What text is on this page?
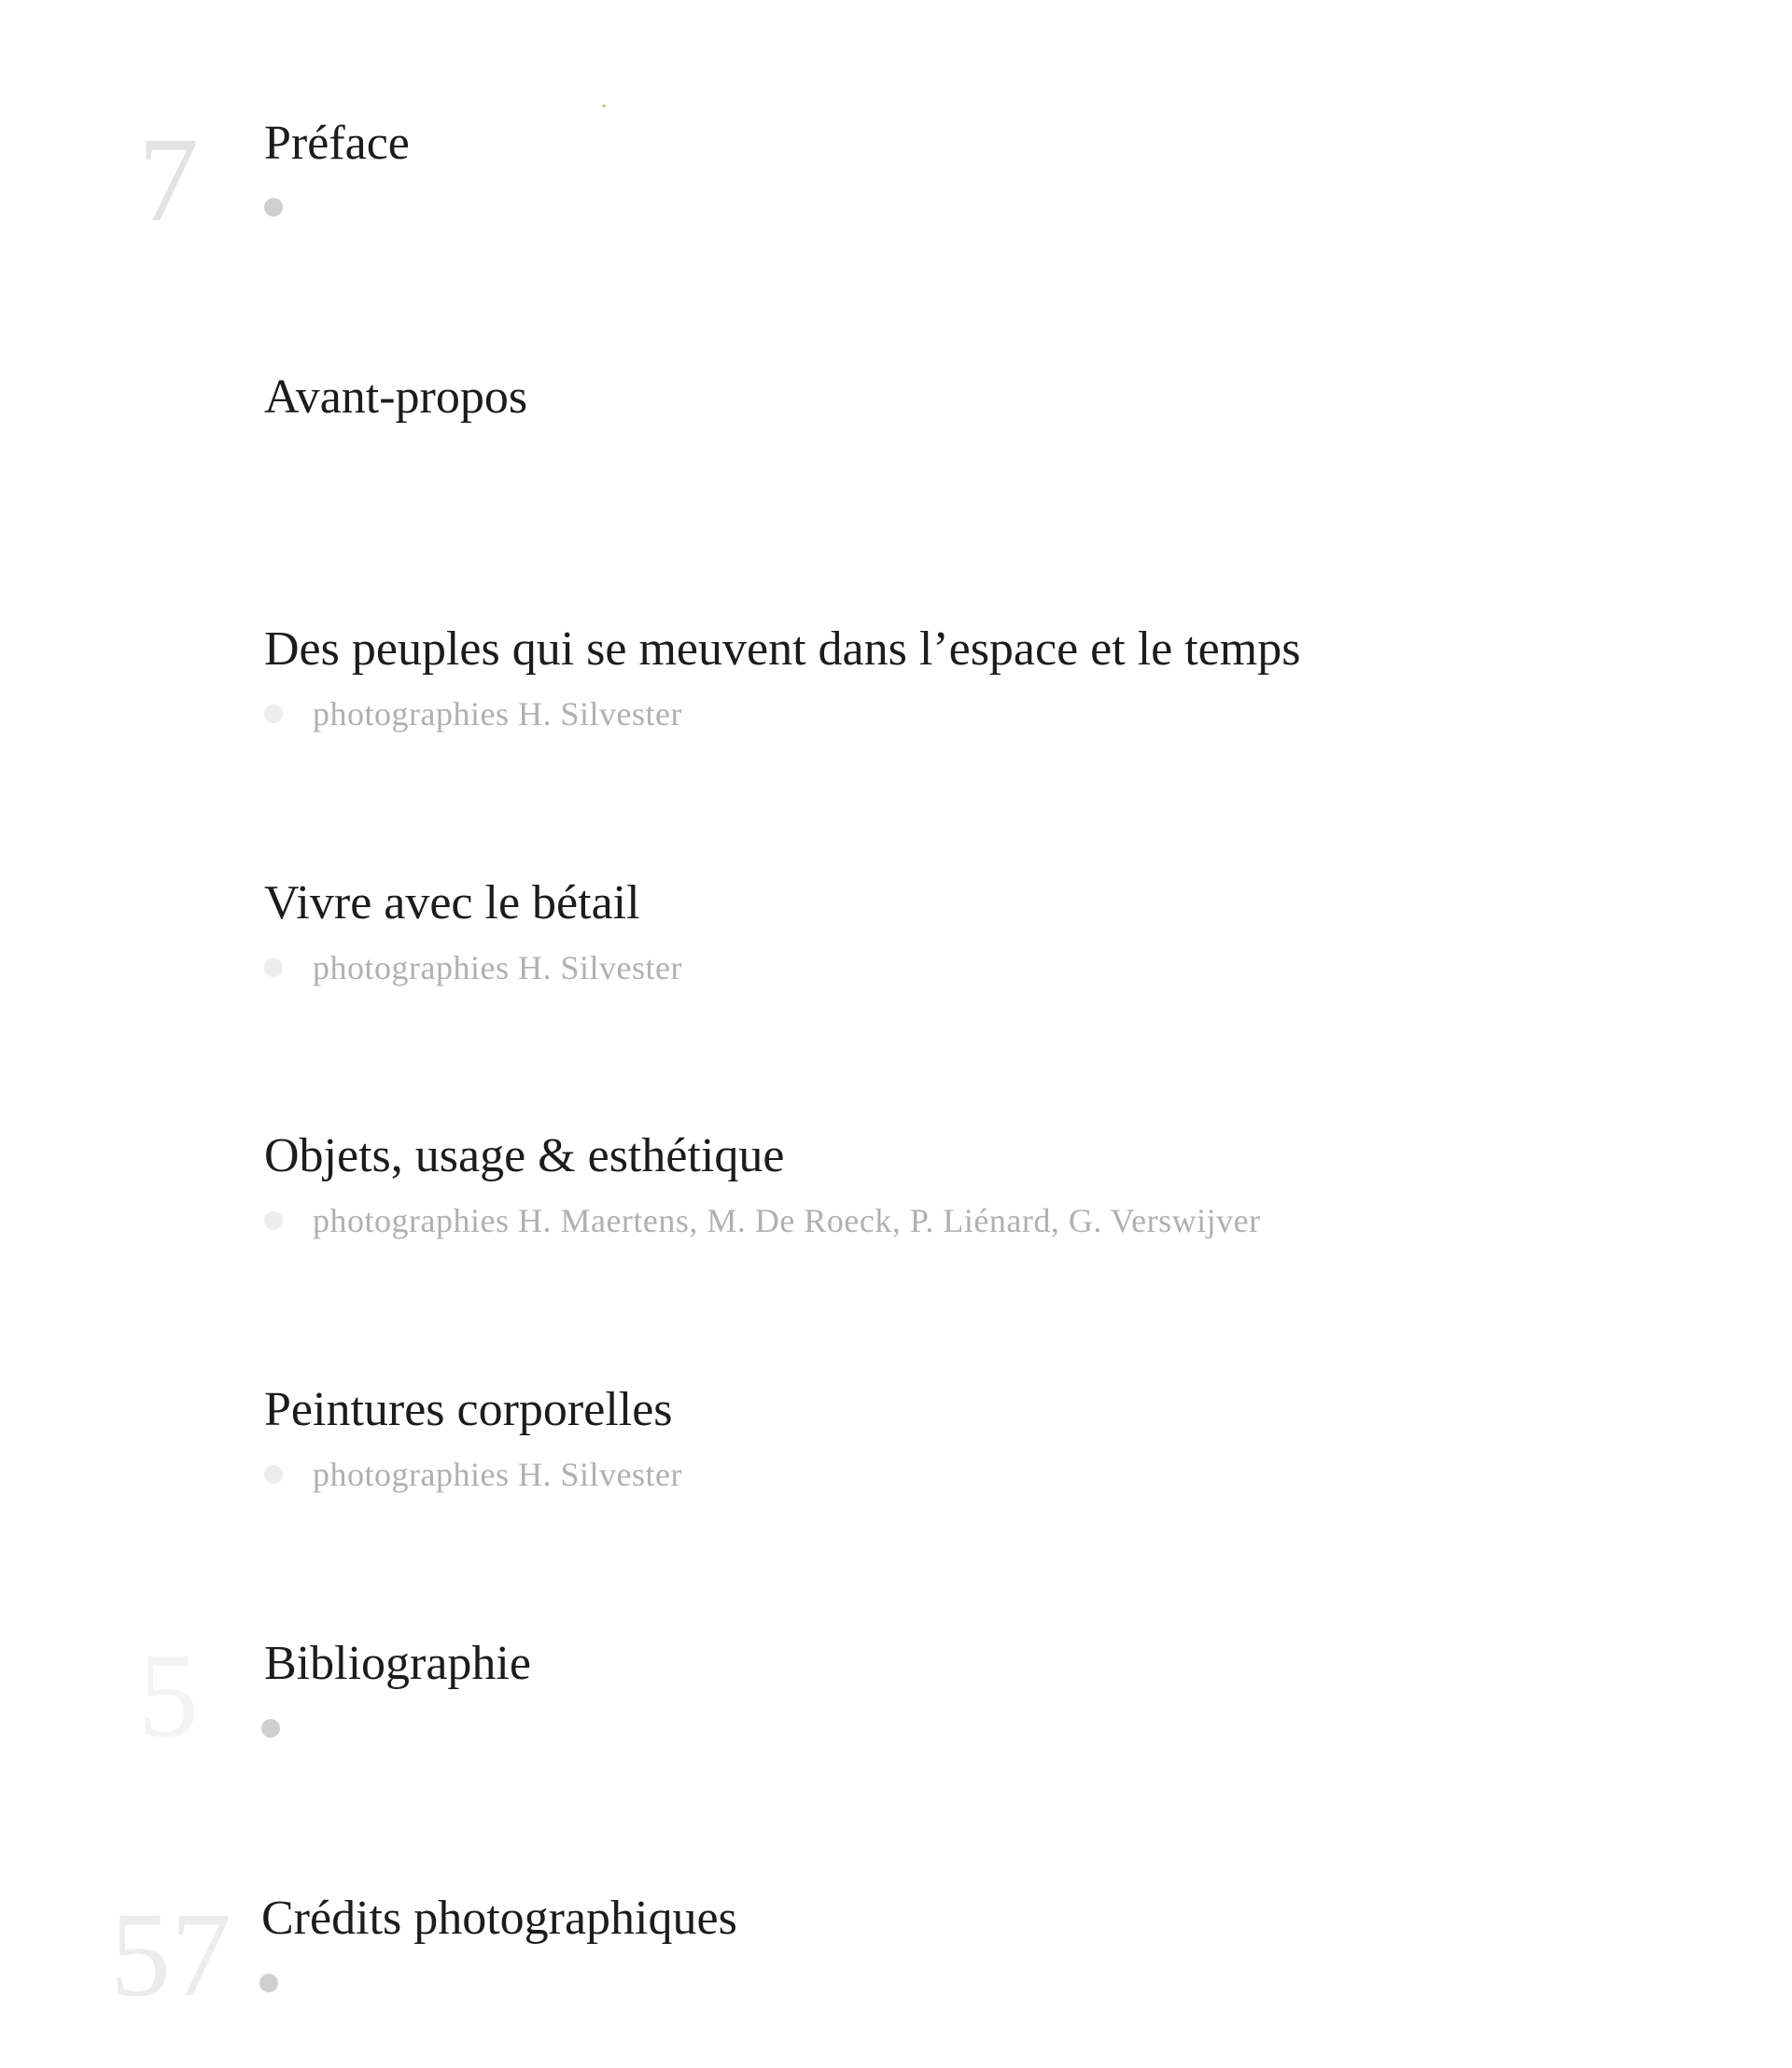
7 Préface
Avant-propos
Des peuples qui se meuvent dans l’espace et le temps
photographies H. Silvester
Vivre avec le bétail
photographies H. Silvester
Objets, usage & esthétique
photographies H. Maertens, M. De Roeck, P. Liénard, G. Verswijver
Peintures corporelles
photographies H. Silvester
5 Bibliographie
57 Crédits photographiques
